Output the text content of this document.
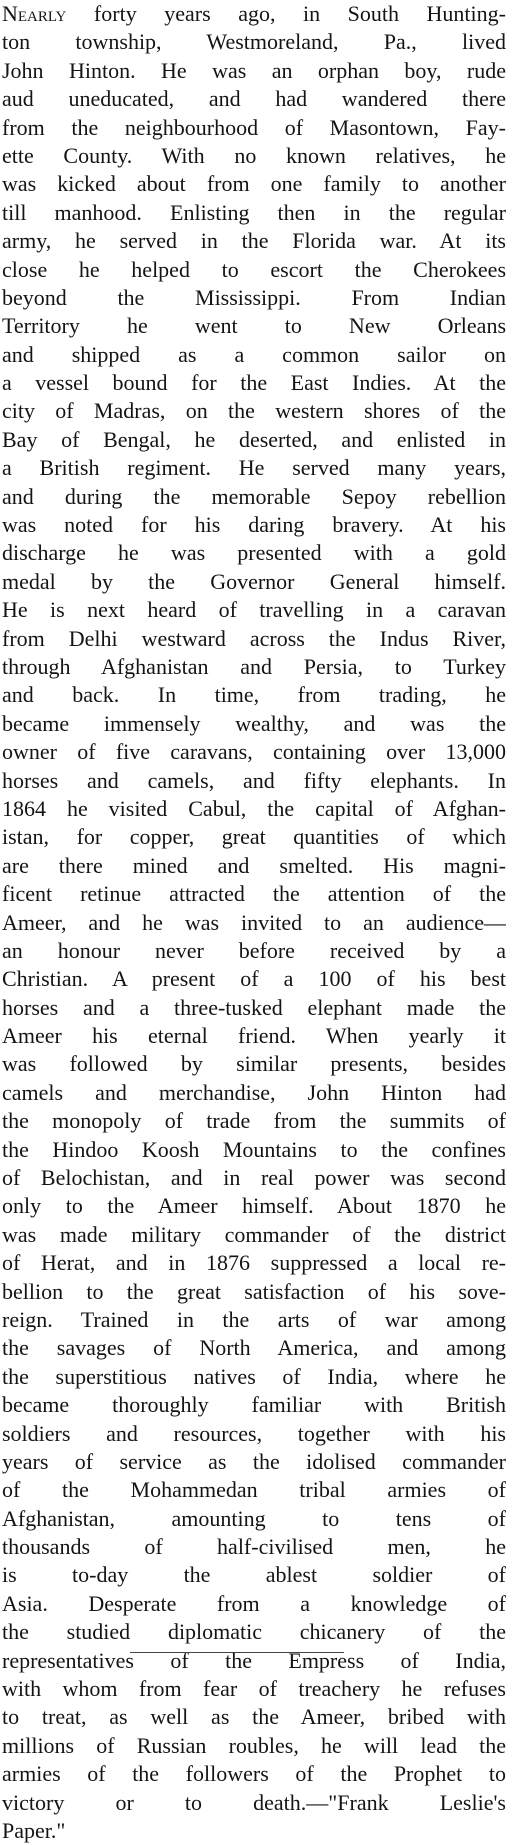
Nearly forty years ago, in South Hunting-
ton township, Westmoreland, Pa., lived
John Hinton. He was an orphan boy, rude
aud uneducated, and had wandered there
from the neighbourhood of Masontown, Fay-
ette County. With no known relatives, he
was kicked about from one family to another
till manhood. Enlisting then in the regular
army, he served in the Florida war. At its
close he helped to escort the Cherokees
beyond the Mississippi. From Indian
Territory he went to New Orleans
and shipped as a common sailor on
a vessel bound for the East Indies. At the
city of Madras, on the western shores of the
Bay of Bengal, he deserted, and enlisted in
a British regiment. He served many years,
and during the memorable Sepoy rebellion
was noted for his daring bravery. At his
discharge he was presented with a gold
medal by the Governor General himself.
He is next heard of travelling in a caravan
from Delhi westward across the Indus River,
through Afghanistan and Persia, to Turkey
and back. In time, from trading, he
became immensely wealthy, and was the
owner of five caravans, containing over 13,000
horses and camels, and fifty elephants. In
1864 he visited Cabul, the capital of Afghan-
istan, for copper, great quantities of which
are there mined and smelted. His magni-
ficent retinue attracted the attention of the
Ameer, and he was invited to an audience—
an honour never before received by a
Christian. A present of a 100 of his best
horses and a three-tusked elephant made the
Ameer his eternal friend. When yearly it
was followed by similar presents, besides
camels and merchandise, John Hinton had
the monopoly of trade from the summits of
the Hindoo Koosh Mountains to the confines
of Belochistan, and in real power was second
only to the Ameer himself. About 1870 he
was made military commander of the district
of Herat, and in 1876 suppressed a local re-
bellion to the great satisfaction of his sove-
reign. Trained in the arts of war among
the savages of North America, and among
the superstitious natives of India, where he
became thoroughly familiar with British
soldiers and resources, together with his
years of service as the idolised commander
of the Mohammedan tribal armies of
Afghanistan, amounting to tens of
thousands of half-civilised men, he
is to-day the ablest soldier of
Asia. Desperate from a knowledge of
the studied diplomatic chicanery of the
representatives of the Empress of India,
with whom from fear of treachery he refuses
to treat, as well as the Ameer, bribed with
millions of Russian roubles, he will lead the
armies of the followers of the Prophet to
victory or to death.—"Frank Leslie's
Paper."
